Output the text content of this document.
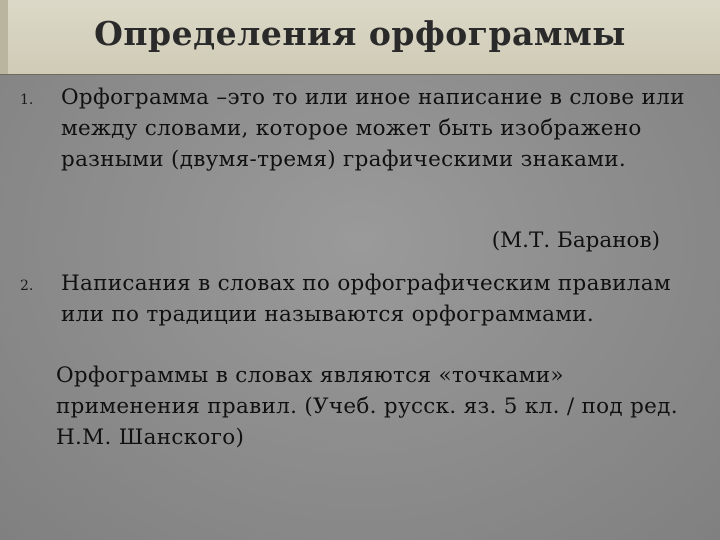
Определения орфограммы
1. Орфограмма –это то или иное написание в слове или между словами, которое может быть изображено разными (двумя-тремя) графическими знаками.
(М.Т. Баранов)
2. Написания в словах по орфографическим правилам или по традиции называются орфограммами.
Орфограммы в словах являются «точками» применения правил. (Учеб. русск. яз. 5 кл. / под ред. Н.М. Шанского)
